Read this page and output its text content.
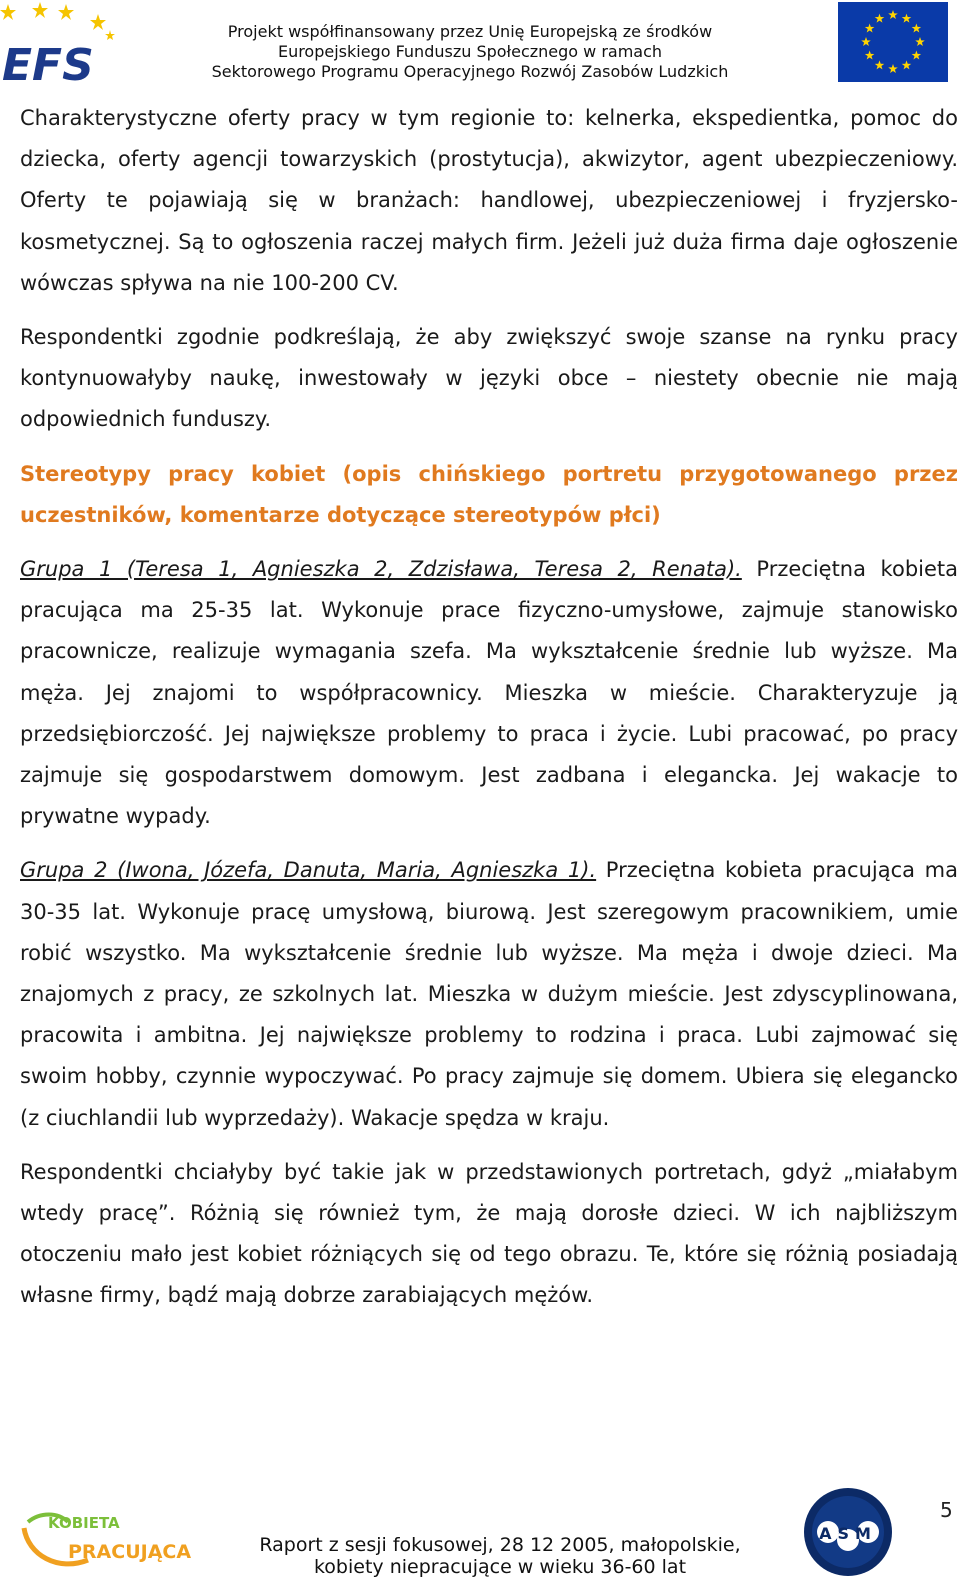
EFS
Projekt współfinansowany przez Unię Europejską ze środków
Europejskiego Funduszu Społecznego w ramach
Sektorowego Programu Operacyjnego Rozwój Zasobów Ludzkich

Charakterystyczne oferty pracy w tym regionie to: kelnerka, ekspedientka, pomoc do dziecka, oferty agencji towarzyskich (prostytucja), akwizytor, agent ubezpieczeniowy. Oferty te pojawiają się w branżach: handlowej, ubezpieczeniowej i fryzjersko-kosmetycznej. Są to ogłoszenia raczej małych firm. Jeżeli już duża firma daje ogłoszenie wówczas spływa na nie 100-200 CV.

Respondentki zgodnie podkreślają, że aby zwiększyć swoje szanse na rynku pracy kontynuowałyby naukę, inwestowały w języki obce – niestety obecnie nie mają odpowiednich funduszy.

Stereotypy pracy kobiet (opis chińskiego portretu przygotowanego przez uczestników, komentarze dotyczące stereotypów płci)

Grupa 1 (Teresa 1, Agnieszka 2, Zdzisława, Teresa 2, Renata). Przeciętna kobieta pracująca ma 25-35 lat. Wykonuje prace fizyczno-umysłowe, zajmuje stanowisko pracownicze, realizuje wymagania szefa. Ma wykształcenie średnie lub wyższe. Ma męża. Jej znajomi to współpracownicy. Mieszka w mieście. Charakteryzuje ją przedsiębiorczość. Jej największe problemy to praca i życie. Lubi pracować, po pracy zajmuje się gospodarstwem domowym. Jest zadbana i elegancka. Jej wakacje to prywatne wypady.

Grupa 2 (Iwona, Józefa, Danuta, Maria, Agnieszka 1). Przeciętna kobieta pracująca ma 30-35 lat. Wykonuje pracę umysłową, biurową. Jest szeregowym pracownikiem, umie robić wszystko. Ma wykształcenie średnie lub wyższe. Ma męża i dwoje dzieci. Ma znajomych z pracy, ze szkolnych lat. Mieszka w dużym mieście. Jest zdyscyplinowana, pracowita i ambitna. Jej największe problemy to rodzina i praca. Lubi zajmować się swoim hobby, czynnie wypoczywać. Po pracy zajmuje się domem. Ubiera się elegancko (z ciuchlandii lub wyprzedaży). Wakacje spędza w kraju.

Respondentki chciałyby być takie jak w przedstawionych portretach, gdyż „miałabym wtedy pracę”. Różnią się również tym, że mają dorosłe dzieci. W ich najbliższym otoczeniu mało jest kobiet różniących się od tego obrazu. Te, które się różnią posiadają własne firmy, bądź mają dobrze zarabiających mężów.

KOBIETA
PRACUJĄCA
ASM
5
Raport z sesji fokusowej, 28 12 2005, małopolskie,
kobiety niepracujące w wieku 36-60 lat
